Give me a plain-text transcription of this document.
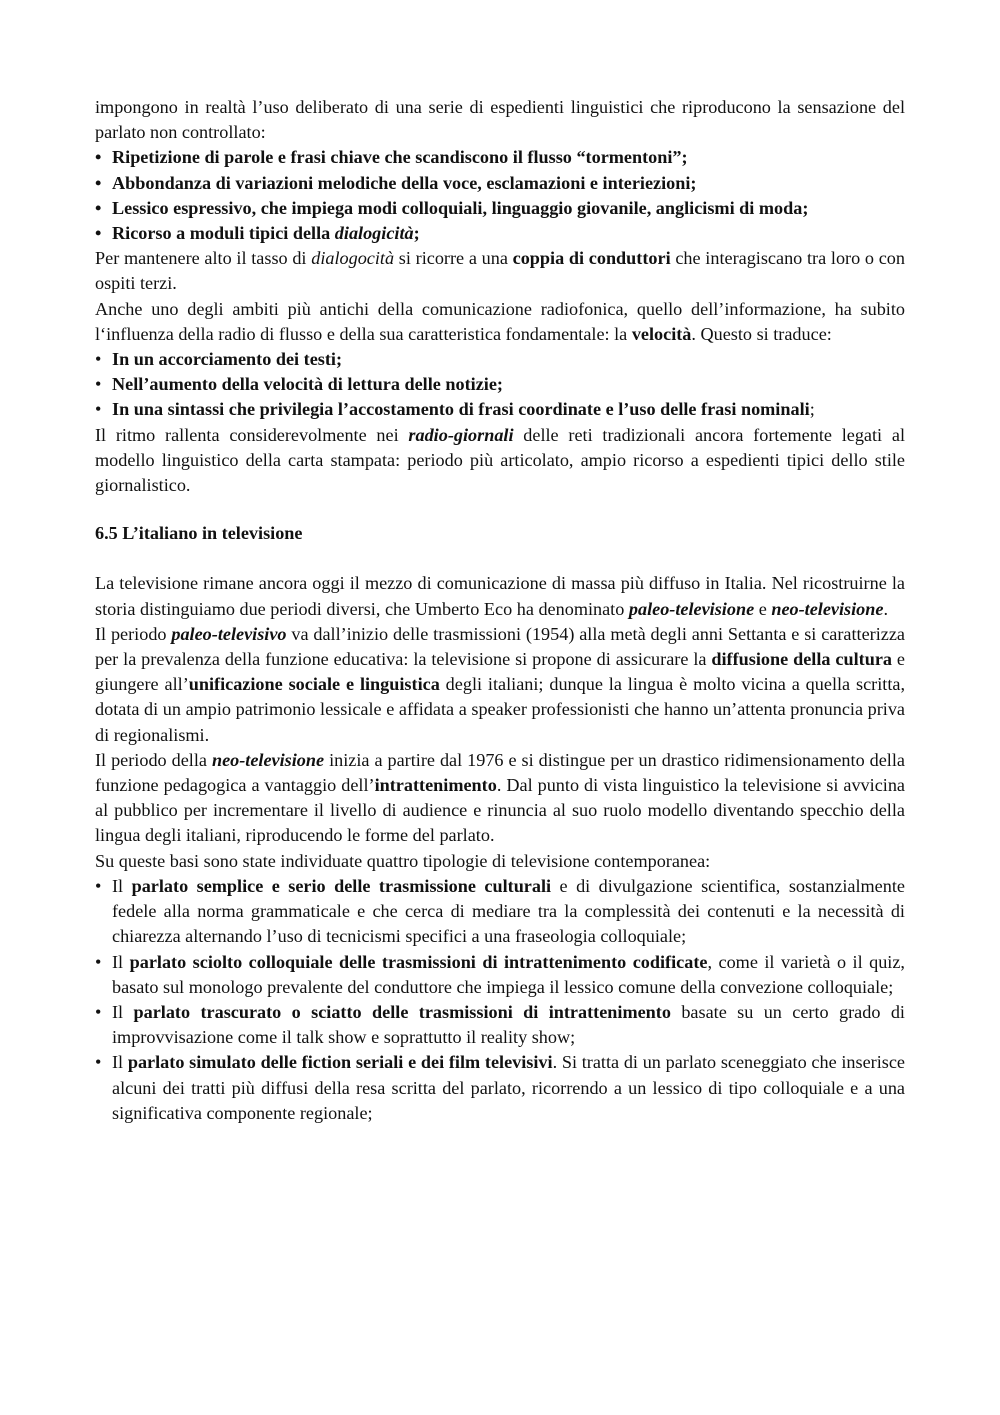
impongono in realtà l’uso deliberato di una serie di espedienti linguistici che riproducono la sensazione del parlato non controllato:

• Ripetizione di parole e frasi chiave che scandiscono il flusso “tormentoni”;
• Abbondanza di variazioni melodiche della voce, esclamazioni e interiezioni;
• Lessico espressivo, che impiega modi colloquiali, linguaggio giovanile, anglicismi di moda;
• Ricorso a moduli tipici della dialogicità;

Per mantenere alto il tasso di dialogocità si ricorre a una coppia di conduttori che interagiscano tra loro o con ospiti terzi.

Anche uno degli ambiti più antichi della comunicazione radiofonica, quello dell’informazione, ha subito l‘influenza della radio di flusso e della sua caratteristica fondamentale: la velocità. Questo si traduce:

• In un accorciamento dei testi;
• Nell’aumento della velocità di lettura delle notizie;
• In una sintassi che privilegia l’accostamento di frasi coordinate e l’uso delle frasi nominali;

Il ritmo rallenta considerevolmente nei radio-giornali delle reti tradizionali ancora fortemente legati al modello linguistico della carta stampata: periodo più articolato, ampio ricorso a espedienti tipici dello stile giornalistico.

6.5 L’italiano in televisione

La televisione rimane ancora oggi il mezzo di comunicazione di massa più diffuso in Italia. Nel ricostruirne la storia distinguiamo due periodi diversi, che Umberto Eco ha denominato paleo-televisione e neo-televisione.

Il periodo paleo-televisivo va dall’inizio delle trasmissioni (1954) alla metà degli anni Settanta e si caratterizza per la prevalenza della funzione educativa: la televisione si propone di assicurare la diffusione della cultura e giungere all’unificazione sociale e linguistica degli italiani; dunque la lingua è molto vicina a quella scritta, dotata di un ampio patrimonio lessicale e affidata a speaker professionisti che hanno un’attenta pronuncia priva di regionalismi.

Il periodo della neo-televisione inizia a partire dal 1976 e si distingue per un drastico ridimensionamento della funzione pedagogica a vantaggio dell’intrattenimento. Dal punto di vista linguistico la televisione si avvicina al pubblico per incrementare il livello di audience e rinuncia al suo ruolo modello diventando specchio della lingua degli italiani, riproducendo le forme del parlato.

Su queste basi sono state individuate quattro tipologie di televisione contemporanea:

• Il parlato semplice e serio delle trasmissione culturali e di divulgazione scientifica, sostanzialmente fedele alla norma grammaticale e che cerca di mediare tra la complessità dei contenuti e la necessità di chiarezza alternando l’uso di tecnicismi specifici a una fraseologia colloquiale;
• Il parlato sciolto colloquiale delle trasmissioni di intrattenimento codificate, come il varietà o il quiz, basato sul monologo prevalente del conduttore che impiega il lessico comune della convezione colloquiale;
• Il parlato trascurato o sciatto delle trasmissioni di intrattenimento basate su un certo grado di improvvisazione come il talk show e soprattutto il reality show;
• Il parlato simulato delle fiction seriali e dei film televisivi. Si tratta di un parlato sceneggiato che inserisce alcuni dei tratti più diffusi della resa scritta del parlato, ricorrendo a un lessico di tipo colloquiale e a una significativa componente regionale;
